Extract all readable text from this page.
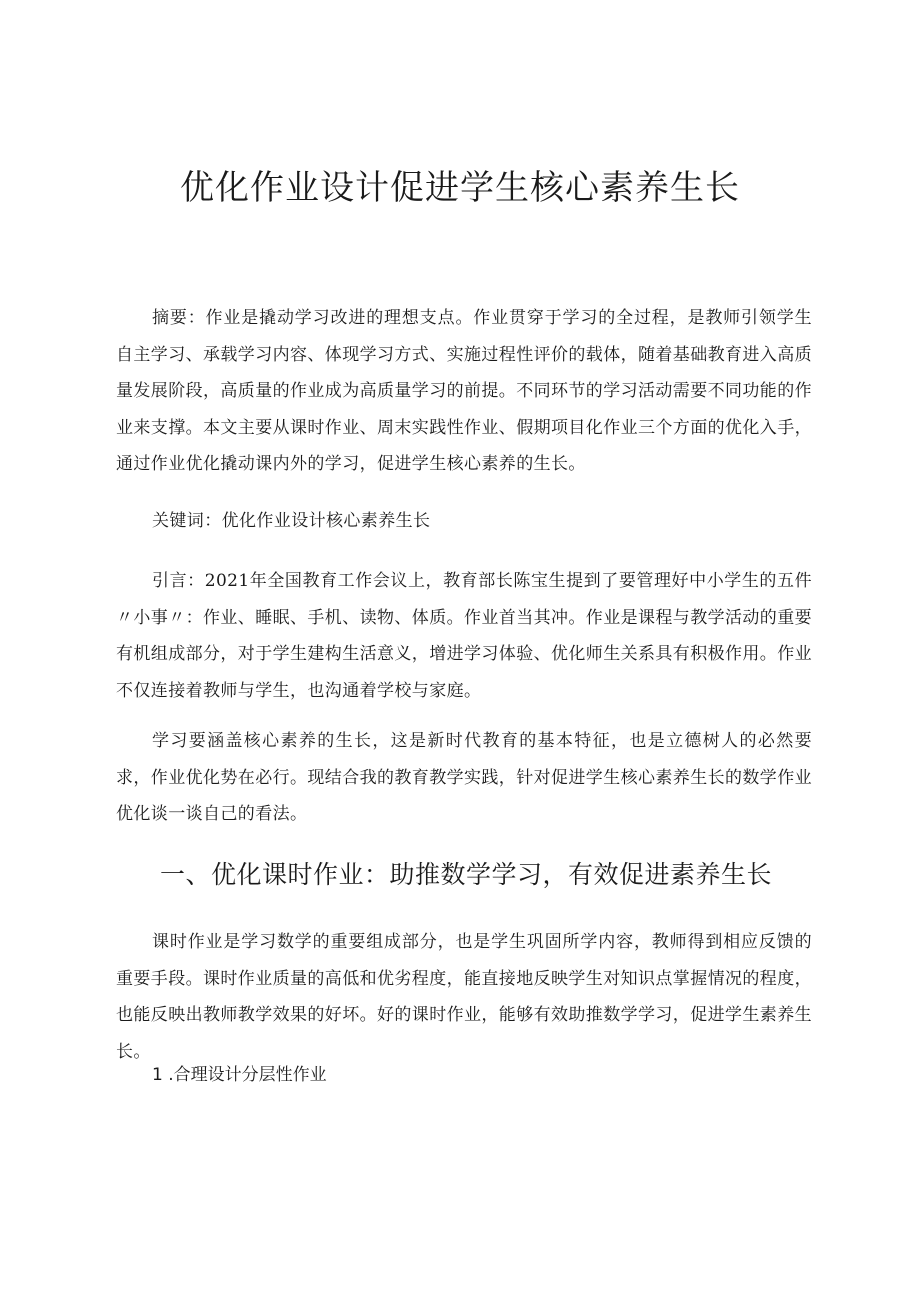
优化作业设计促进学生核心素养生长

摘要：作业是撬动学习改进的理想支点。作业贯穿于学习的全过程，是教师引领学生自主学习、承载学习内容、体现学习方式、实施过程性评价的载体，随着基础教育进入高质量发展阶段，高质量的作业成为高质量学习的前提。不同环节的学习活动需要不同功能的作业来支撑。本文主要从课时作业、周末实践性作业、假期项目化作业三个方面的优化入手，通过作业优化撬动课内外的学习，促进学生核心素养的生长。

关键词：优化作业设计核心素养生长

引言：2021年全国教育工作会议上，教育部长陈宝生提到了要管理好中小学生的五件〃小事〃：作业、睡眠、手机、读物、体质。作业首当其冲。作业是课程与教学活动的重要有机组成部分，对于学生建构生活意义，增进学习体验、优化师生关系具有积极作用。作业不仅连接着教师与学生，也沟通着学校与家庭。

学习要涵盖核心素养的生长，这是新时代教育的基本特征，也是立德树人的必然要求，作业优化势在必行。现结合我的教育教学实践，针对促进学生核心素养生长的数学作业优化谈一谈自己的看法。

一、优化课时作业：助推数学学习，有效促进素养生长

课时作业是学习数学的重要组成部分，也是学生巩固所学内容，教师得到相应反馈的重要手段。课时作业质量的高低和优劣程度，能直接地反映学生对知识点掌握情况的程度，也能反映出教师教学效果的好坏。好的课时作业，能够有效助推数学学习，促进学生素养生长。

1 .合理设计分层性作业
